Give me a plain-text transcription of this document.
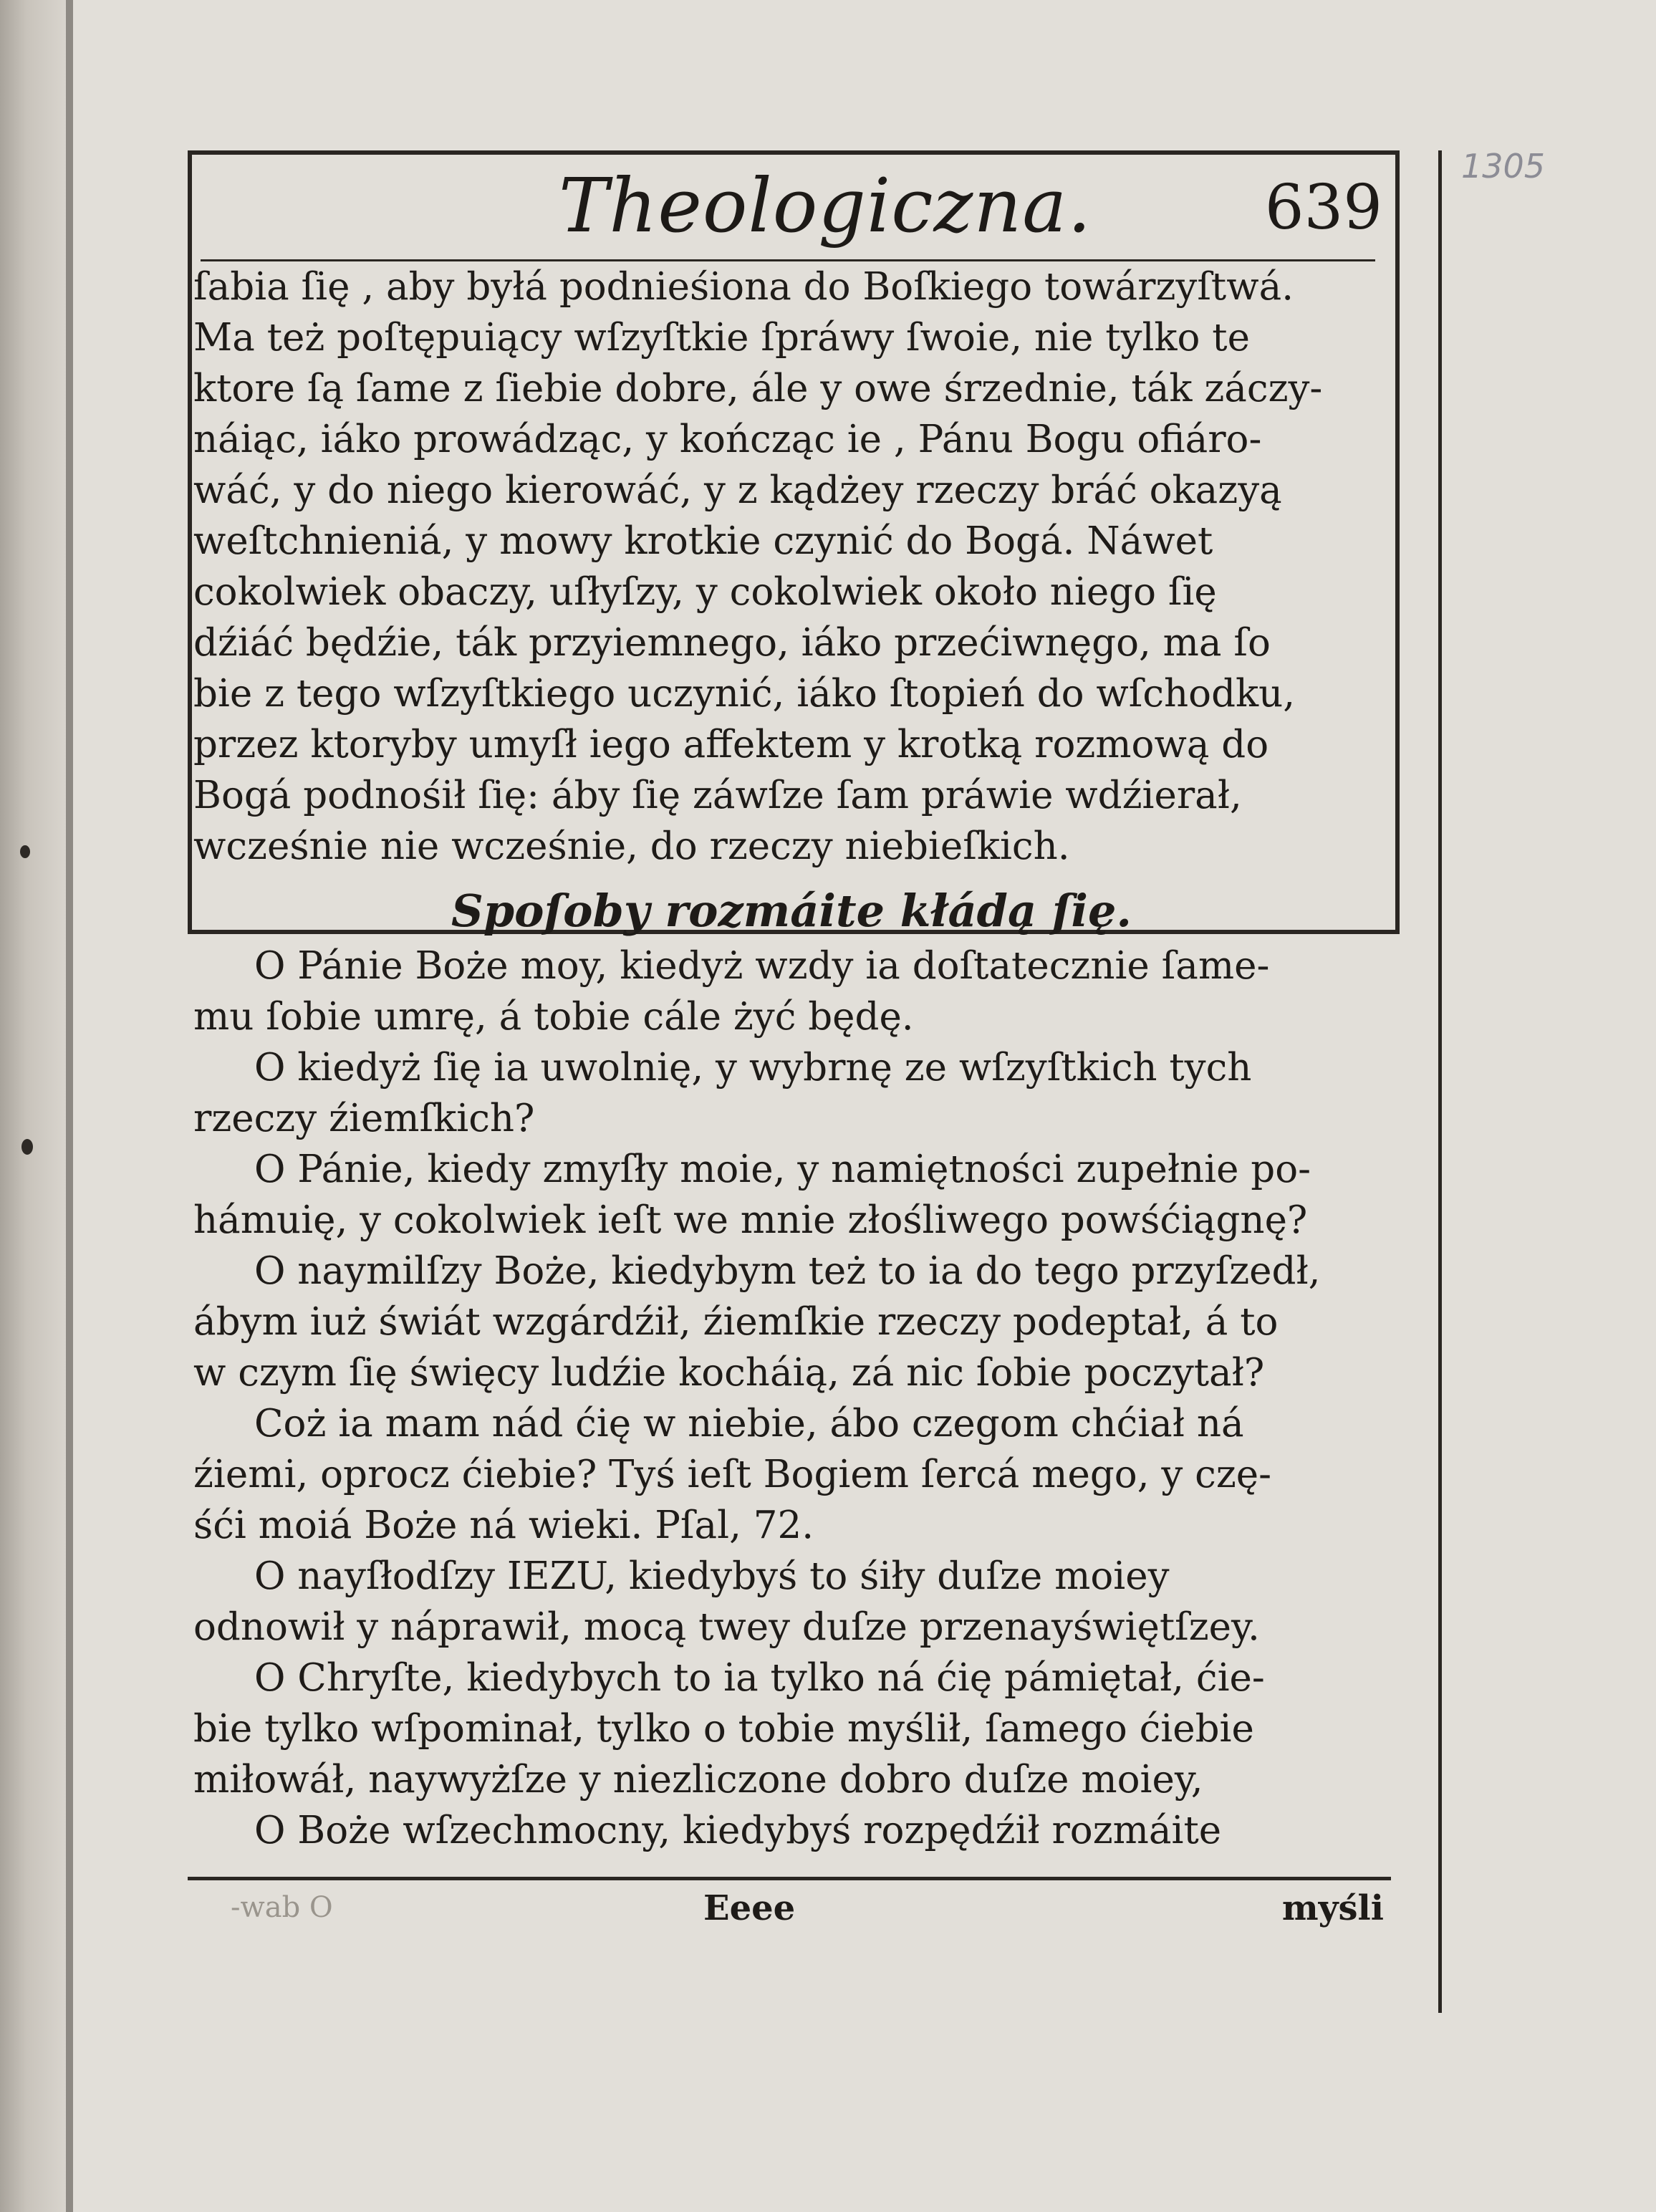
1305
Theologiczna.	639
ſabia ſię , aby byłá podnieśiona do Boſkiego towárzyſtwá.
Ma też poſtępuiący wſzyſtkie ſpráwy ſwoie, nie tylko te
ktore ſą ſame z ſiebie dobre, ále y owe śrzednie, ták záczy-
náiąc, iáko prowádząc, y kończąc ie , Pánu Bogu ofiáro-
wáć, y do niego kierowáć, y z kądżey rzeczy bráć okazyą
weſtchnieniá, y mowy krotkie czynić do Bogá. Náwet
cokolwiek obaczy, uſłyſzy, y cokolwiek około niego ſię
dźiáć będźie, ták przyiemnego, iáko przećiwnęgo, ma ſo
bie z tego wſzyſtkiego uczynić, iáko ſtopień do wſchodku,
przez ktoryby umyſł iego affektem y krotką rozmową do
Bogá podnośił ſię: áby ſię záwſze ſam práwie wdźierał,
wcześnie nie wcześnie, do rzeczy niebieſkich.
Spoſoby rozmáite kłádą ſię.
O Pánie Boże moy, kiedyż wzdy ia doſtatecznie ſame-
mu ſobie umrę, á tobie cále żyć będę.
O kiedyż ſię ia uwolnię, y wybrnę ze wſzyſtkich tych
rzeczy źiemſkich?
O Pánie, kiedy zmyſły moie, y namiętności zupełnie po-
hámuię, y cokolwiek ieſt we mnie złośliwego powśćiągnę?
O naymilſzy Boże, kiedybym też to ia do tego przyſzedł,
ábym iuż świát wzgárdźił, źiemſkie rzeczy podeptał, á to
w czym ſię święcy ludźie kocháią, zá nic ſobie poczytał?
Coż ia mam nád ćię w niebie, ábo czegom chćiał ná
źiemi, oprocz ćiebie? Tyś ieſt Bogiem ſercá mego, y czę-
śći moiá Boże ná wieki. Pſal, 72.
O nayſłodſzy IEZU, kiedybyś to śiły duſze moiey
odnowił y náprawił, mocą twey duſze przenayświętſzey.
O Chryſte, kiedybych to ia tylko ná ćię pámiętał, ćie-
bie tylko wſpominał, tylko o tobie myślił, ſamego ćiebie
miłowáł, naywyżſze y niezliczone dobro duſze moiey,
O Boże wſzechmocny, kiedybyś rozpędźił rozmáite
-wab O	Eeee	myśli
